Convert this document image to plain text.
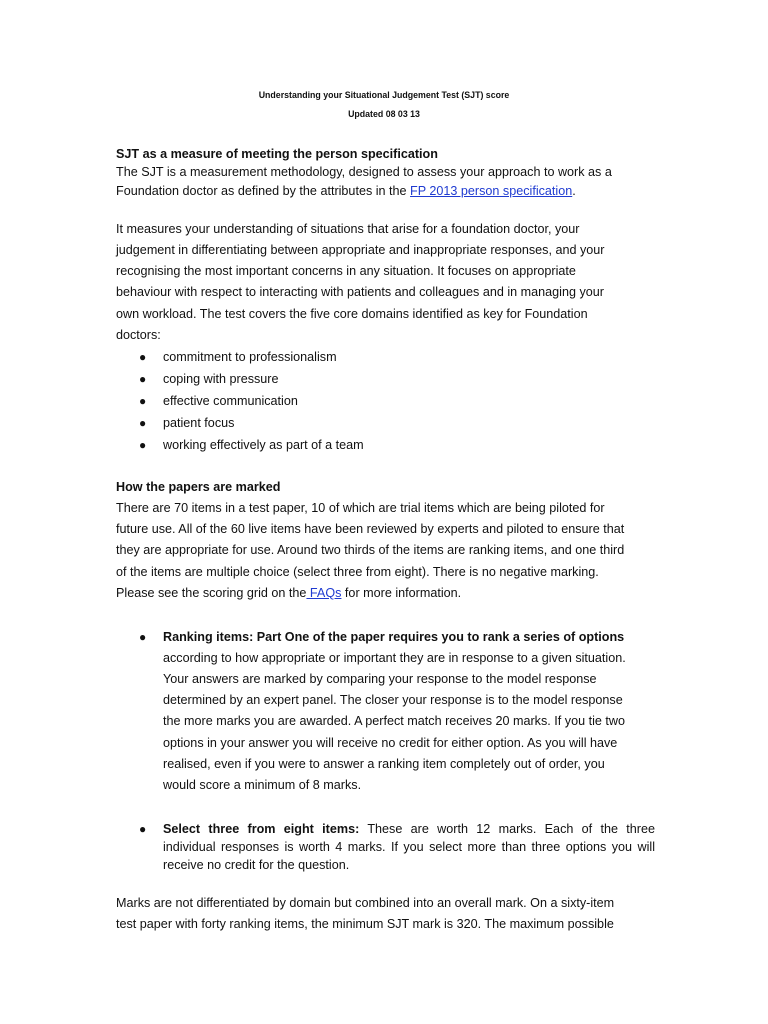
Understanding your Situational Judgement Test (SJT) score

Updated 08 03 13

SJT as a measure of meeting the person specification

The SJT is a measurement methodology, designed to assess your approach to work as a

Foundation doctor as defined by the attributes in the FP 2013 person specification.

It measures your understanding of situations that arise for a foundation doctor, your

judgement in differentiating between appropriate and inappropriate responses, and your

recognising the most important concerns in any situation. It focuses on appropriate

behaviour with respect to interacting with patients and colleagues and in managing your

own workload. The test covers the five core domains identified as key for Foundation

doctors:

● commitment to professionalism

● coping with pressure

● effective communication

● patient focus

● working effectively as part of a team

How the papers are marked

There are 70 items in a test paper, 10 of which are trial items which are being piloted for

future use. All of the 60 live items have been reviewed by experts and piloted to ensure that

they are appropriate for use. Around two thirds of the items are ranking items, and one third

of the items are multiple choice (select three from eight). There is no negative marking.

Please see the scoring grid on the FAQs for more information.

● Ranking items: Part One of the paper requires you to rank a series of options

according to how appropriate or important they are in response to a given situation.

Your answers are marked by comparing your response to the model response

determined by an expert panel. The closer your response is to the model response

the more marks you are awarded. A perfect match receives 20 marks. If you tie two

options in your answer you will receive no credit for either option. As you will have

realised, even if you were to answer a ranking item completely out of order, you

would score a minimum of 8 marks.

● Select three from eight items: These are worth 12 marks. Each of the three

individual responses is worth 4 marks. If you select more than three options you will

receive no credit for the question.

Marks are not differentiated by domain but combined into an overall mark. On a sixty-item

test paper with forty ranking items, the minimum SJT mark is 320. The maximum possible
